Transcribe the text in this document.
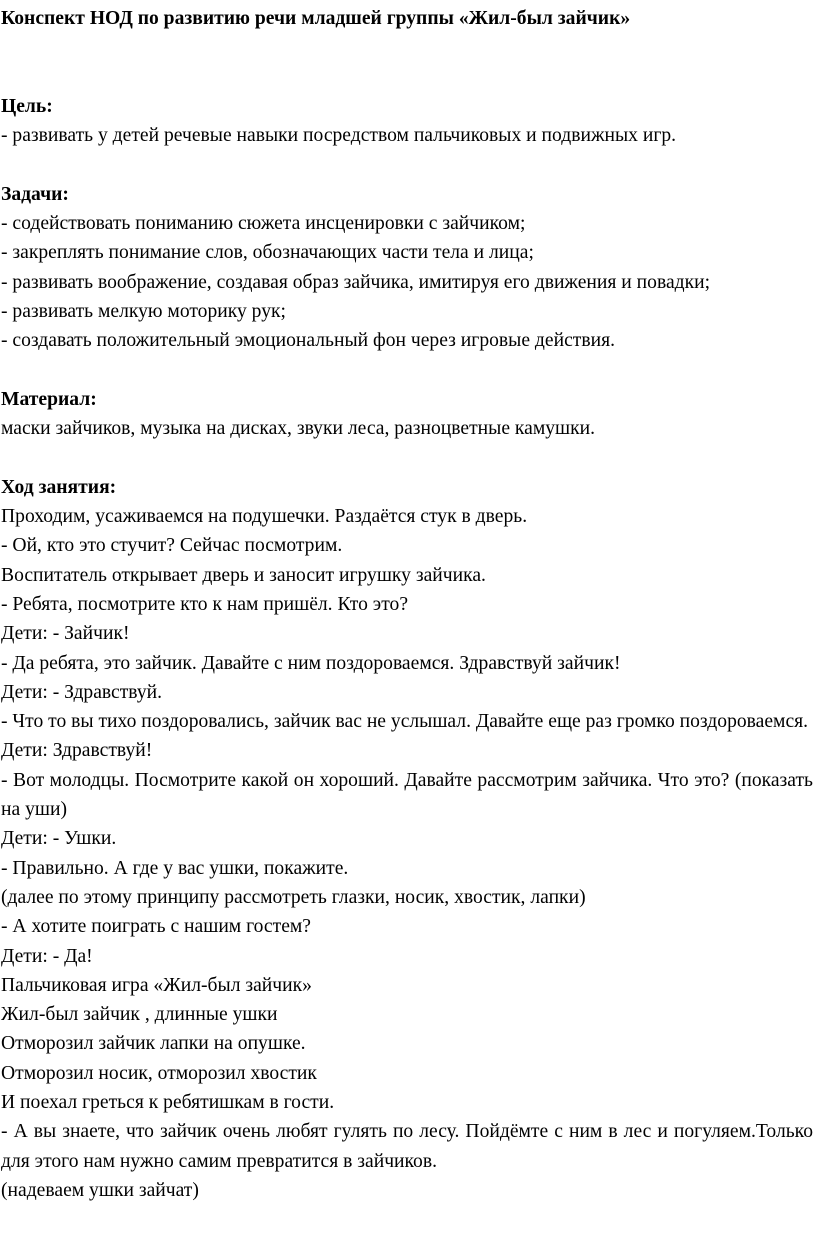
Конспект НОД по развитию речи младшей группы «Жил-был зайчик»

Цель:

- развивать у детей речевые навыки посредством пальчиковых и подвижных игр.

Задачи:

- содействовать пониманию сюжета инсценировки с зайчиком;

- закреплять понимание слов, обозначающих части тела и лица;

- развивать воображение, создавая образ зайчика, имитируя его движения и повадки;

- развивать мелкую моторику рук;

- создавать положительный эмоциональный фон через игровые действия.

Материал:

маски зайчиков, музыка на дисках, звуки леса, разноцветные камушки.

Ход занятия:

Проходим, усаживаемся на подушечки. Раздаётся стук в дверь.

- Ой, кто это стучит? Сейчас посмотрим.

Воспитатель открывает дверь и заносит игрушку зайчика.

- Ребята, посмотрите кто к нам пришёл. Кто это?

Дети: - Зайчик!

- Да ребята, это зайчик. Давайте с ним поздороваемся. Здравствуй зайчик!

Дети: - Здравствуй.

- Что то вы тихо поздоровались, зайчик вас не услышал. Давайте еще раз громко поздороваемся.

Дети: Здравствуй!

- Вот молодцы. Посмотрите какой он хороший. Давайте рассмотрим зайчика. Что это? (показать на уши)

Дети: - Ушки.

- Правильно. А где у вас ушки, покажите.

(далее по этому принципу рассмотреть глазки, носик, хвостик, лапки)

- А хотите поиграть с нашим гостем?

Дети: - Да!

Пальчиковая игра «Жил-был зайчик»

Жил-был зайчик , длинные ушки

Отморозил зайчик лапки на опушке.

Отморозил носик, отморозил хвостик

И поехал греться к ребятишкам в гости.

- А вы знаете, что зайчик очень любят гулять по лесу. Пойдёмте с ним в лес и погуляем.Только для этого нам нужно самим превратится в зайчиков.

(надеваем ушки зайчат)
